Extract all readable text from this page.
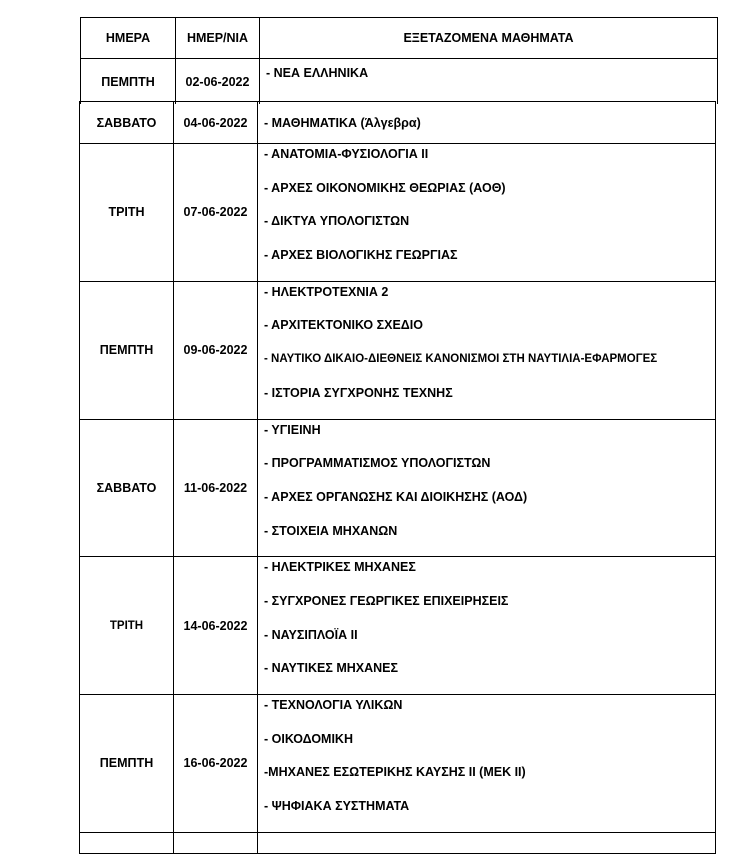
ΗΜΕΡΑ	ΗΜΕΡ/ΝΙΑ	ΕΞΕΤΑΖΟΜΕΝΑ ΜΑΘΗΜΑΤΑ
ΠΕΜΠΤΗ	02-06-2022	- ΝΕΑ ΕΛΛΗΝΙΚΑ
ΣΑΒΒΑΤΟ	04-06-2022	- ΜΑΘΗΜΑΤΙΚΑ (Άλγεβρα)
ΤΡΙΤΗ	07-06-2022	- ΑΝΑΤΟΜΙΑ-ΦΥΣΙΟΛΟΓΙΑ ΙΙ
- ΑΡΧΕΣ ΟΙΚΟΝΟΜΙΚΗΣ ΘΕΩΡΙΑΣ (ΑΟΘ)
- ΔΙΚΤΥΑ ΥΠΟΛΟΓΙΣΤΩΝ
- ΑΡΧΕΣ ΒΙΟΛΟΓΙΚΗΣ ΓΕΩΡΓΙΑΣ

ΠΕΜΠΤΗ	09-06-2022	- ΗΛΕΚΤΡΟΤΕΧΝΙΑ 2
- ΑΡΧΙΤΕΚΤΟΝΙΚΟ ΣΧΕΔΙΟ
- ΝΑΥΤΙΚΟ ΔΙΚΑΙΟ-ΔΙΕΘΝΕΙΣ ΚΑΝΟΝΙΣΜΟΙ ΣΤΗ ΝΑΥΤΙΛΙΑ-ΕΦΑΡΜΟΓΕΣ
- ΙΣΤΟΡΙΑ ΣΥΓΧΡΟΝΗΣ ΤΕΧΝΗΣ

ΣΑΒΒΑΤΟ	11-06-2022	- ΥΓΙΕΙΝΗ
- ΠΡΟΓΡΑΜΜΑΤΙΣΜΟΣ ΥΠΟΛΟΓΙΣΤΩΝ
- ΑΡΧΕΣ ΟΡΓΑΝΩΣΗΣ ΚΑΙ ΔΙΟΙΚΗΣΗΣ (ΑΟΔ)
- ΣΤΟΙΧΕΙΑ ΜΗΧΑΝΩΝ

ΤΡΙΤΗ	14-06-2022	- ΗΛΕΚΤΡΙΚΕΣ ΜΗΧΑΝΕΣ
- ΣΥΓΧΡΟΝΕΣ ΓΕΩΡΓΙΚΕΣ ΕΠΙΧΕΙΡΗΣΕΙΣ
- ΝΑΥΣΙΠΛΟΪΑ ΙΙ
- ΝΑΥΤΙΚΕΣ ΜΗΧΑΝΕΣ

ΠΕΜΠΤΗ	16-06-2022	- ΤΕΧΝΟΛΟΓΙΑ ΥΛΙΚΩΝ
- ΟΙΚΟΔΟΜΙΚΗ
-ΜΗΧΑΝΕΣ ΕΣΩΤΕΡΙΚΗΣ ΚΑΥΣΗΣ ΙΙ (ΜΕΚ ΙΙ)
- ΨΗΦΙΑΚΑ ΣΥΣΤΗΜΑΤΑ
